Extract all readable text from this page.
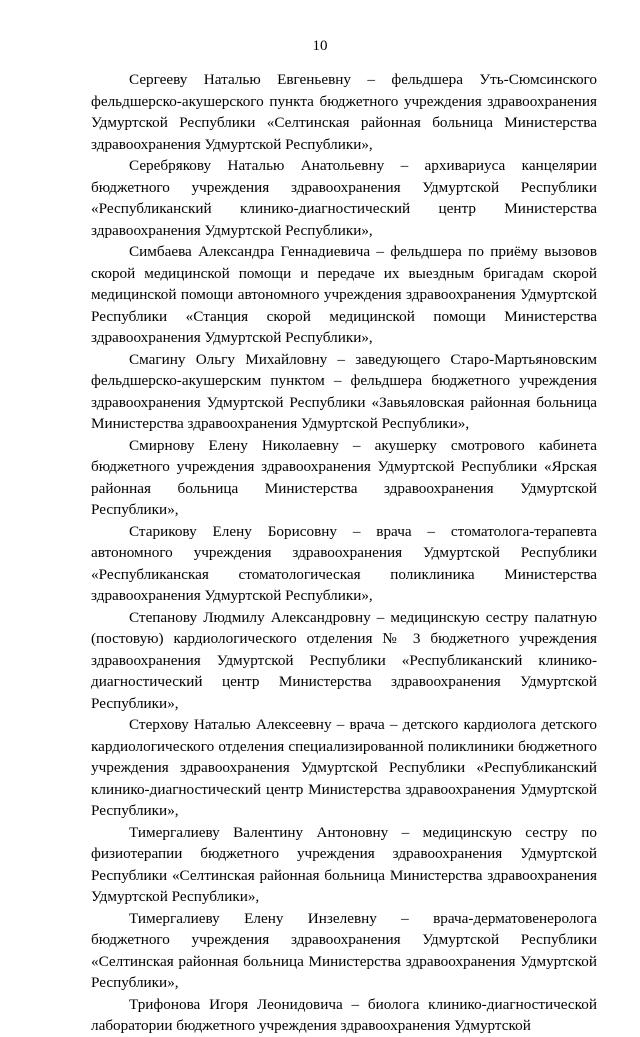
10

Сергееву Наталью Евгеньевну – фельдшера Уть-Сюмсинского фельдшерско-акушерского пункта бюджетного учреждения здравоохранения Удмуртской Республики «Селтинская районная больница Министерства здравоохранения Удмуртской Республики»,

Серебрякову Наталью Анатольевну – архивариуса канцелярии бюджетного учреждения здравоохранения Удмуртской Республики «Республиканский клинико-диагностический центр Министерства здравоохранения Удмуртской Республики»,

Симбаева Александра Геннадиевича – фельдшера по приёму вызовов скорой медицинской помощи и передаче их выездным бригадам скорой медицинской помощи автономного учреждения здравоохранения Удмуртской Республики «Станция скорой медицинской помощи Министерства здравоохранения Удмуртской Республики»,

Смагину Ольгу Михайловну – заведующего Старо-Мартьяновским фельдшерско-акушерским пунктом – фельдшера бюджетного учреждения здравоохранения Удмуртской Республики «Завьяловская районная больница Министерства здравоохранения Удмуртской Республики»,

Смирнову Елену Николаевну – акушерку смотрового кабинета бюджетного учреждения здравоохранения Удмуртской Республики «Ярская районная больница Министерства здравоохранения Удмуртской Республики»,

Старикову Елену Борисовну – врача – стоматолога-терапевта автономного учреждения здравоохранения Удмуртской Республики «Республиканская стоматологическая поликлиника Министерства здравоохранения Удмуртской Республики»,

Степанову Людмилу Александровну – медицинскую сестру палатную (постовую) кардиологического отделения № 3 бюджетного учреждения здравоохранения Удмуртской Республики «Республиканский клинико-диагностический центр Министерства здравоохранения Удмуртской Республики»,

Стерхову Наталью Алексеевну – врача – детского кардиолога детского кардиологического отделения специализированной поликлиники бюджетного учреждения здравоохранения Удмуртской Республики «Республиканский клинико-диагностический центр Министерства здравоохранения Удмуртской Республики»,

Тимергалиеву Валентину Антоновну – медицинскую сестру по физиотерапии бюджетного учреждения здравоохранения Удмуртской Республики «Селтинская районная больница Министерства здравоохранения Удмуртской Республики»,

Тимергалиеву Елену Инзелевну – врача-дерматовенеролога бюджетного учреждения здравоохранения Удмуртской Республики «Селтинская районная больница Министерства здравоохранения Удмуртской Республики»,

Трифонова Игоря Леонидовича – биолога клинико-диагностической лаборатории бюджетного учреждения здравоохранения Удмуртской
